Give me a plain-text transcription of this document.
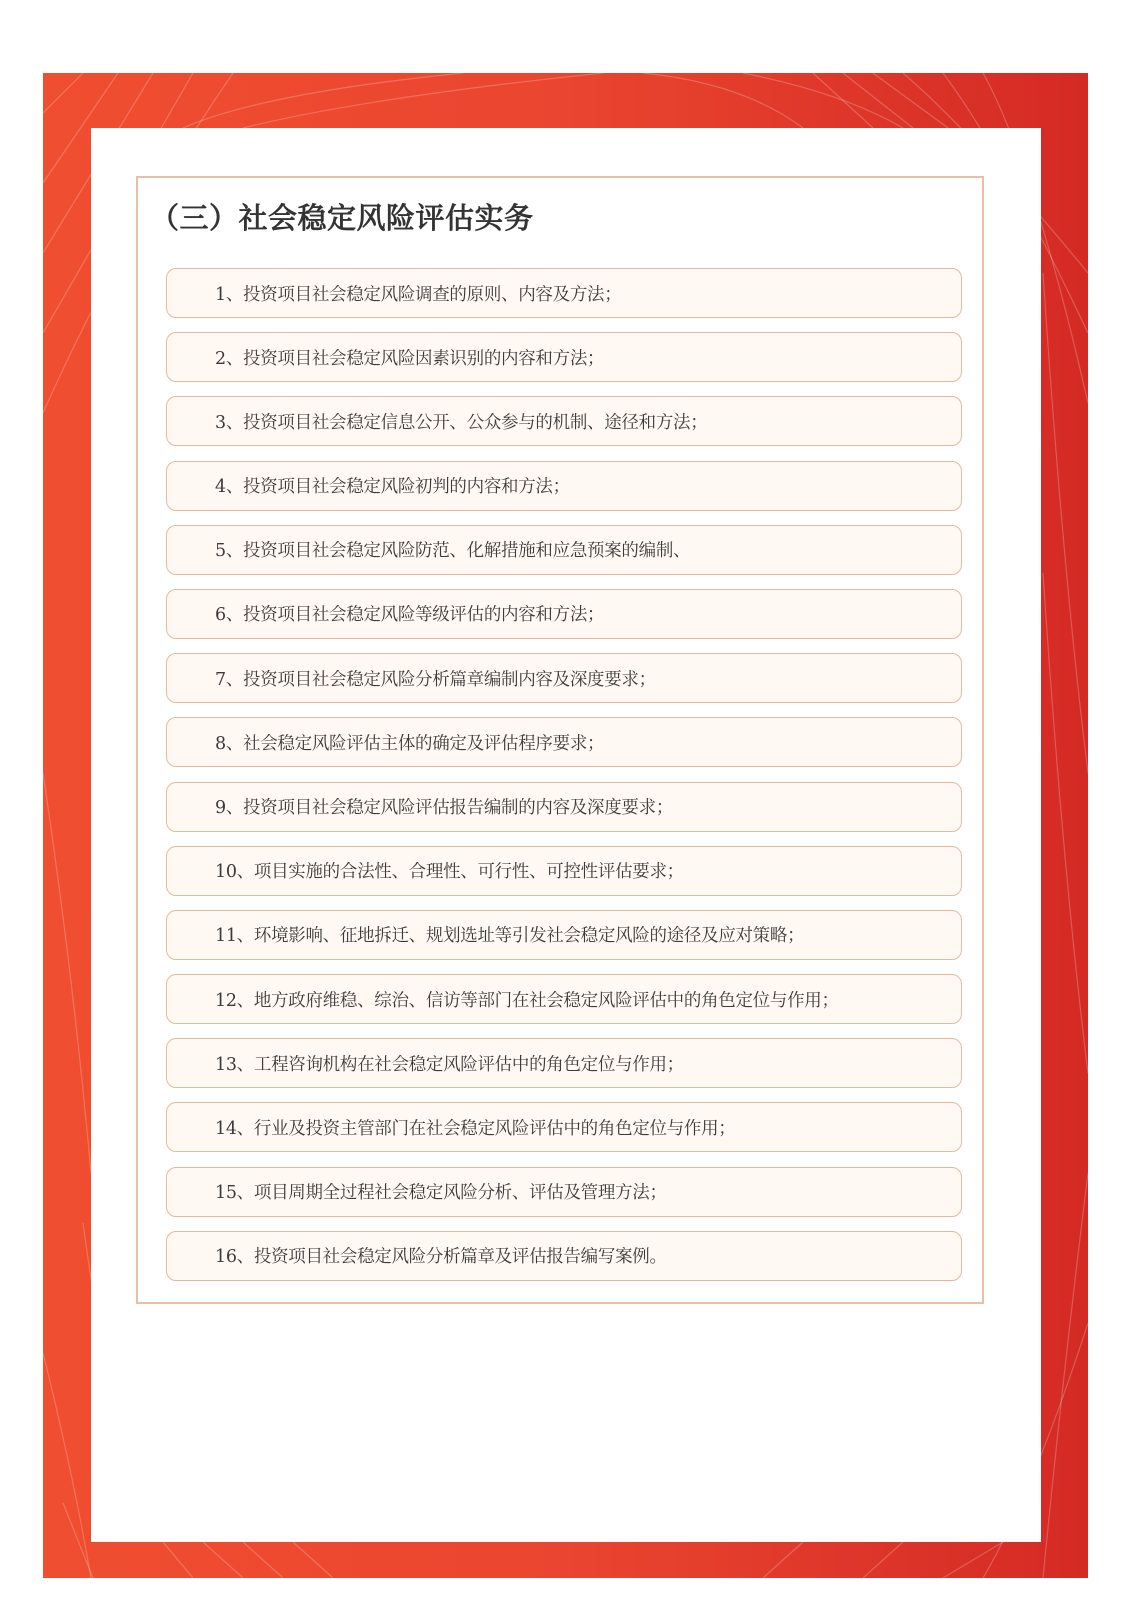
（三）社会稳定风险评估实务
1、投资项目社会稳定风险调查的原则、内容及方法；
2、投资项目社会稳定风险因素识别的内容和方法；
3、投资项目社会稳定信息公开、公众参与的机制、途径和方法；
4、投资项目社会稳定风险初判的内容和方法；
5、投资项目社会稳定风险防范、化解措施和应急预案的编制、
6、投资项目社会稳定风险等级评估的内容和方法；
7、投资项目社会稳定风险分析篇章编制内容及深度要求；
8、社会稳定风险评估主体的确定及评估程序要求；
9、投资项目社会稳定风险评估报告编制的内容及深度要求；
10、项目实施的合法性、合理性、可行性、可控性评估要求；
11、环境影响、征地拆迁、规划选址等引发社会稳定风险的途径及应对策略；
12、地方政府维稳、综治、信访等部门在社会稳定风险评估中的角色定位与作用；
13、工程咨询机构在社会稳定风险评估中的角色定位与作用；
14、行业及投资主管部门在社会稳定风险评估中的角色定位与作用；
15、项目周期全过程社会稳定风险分析、评估及管理方法；
16、投资项目社会稳定风险分析篇章及评估报告编写案例。
